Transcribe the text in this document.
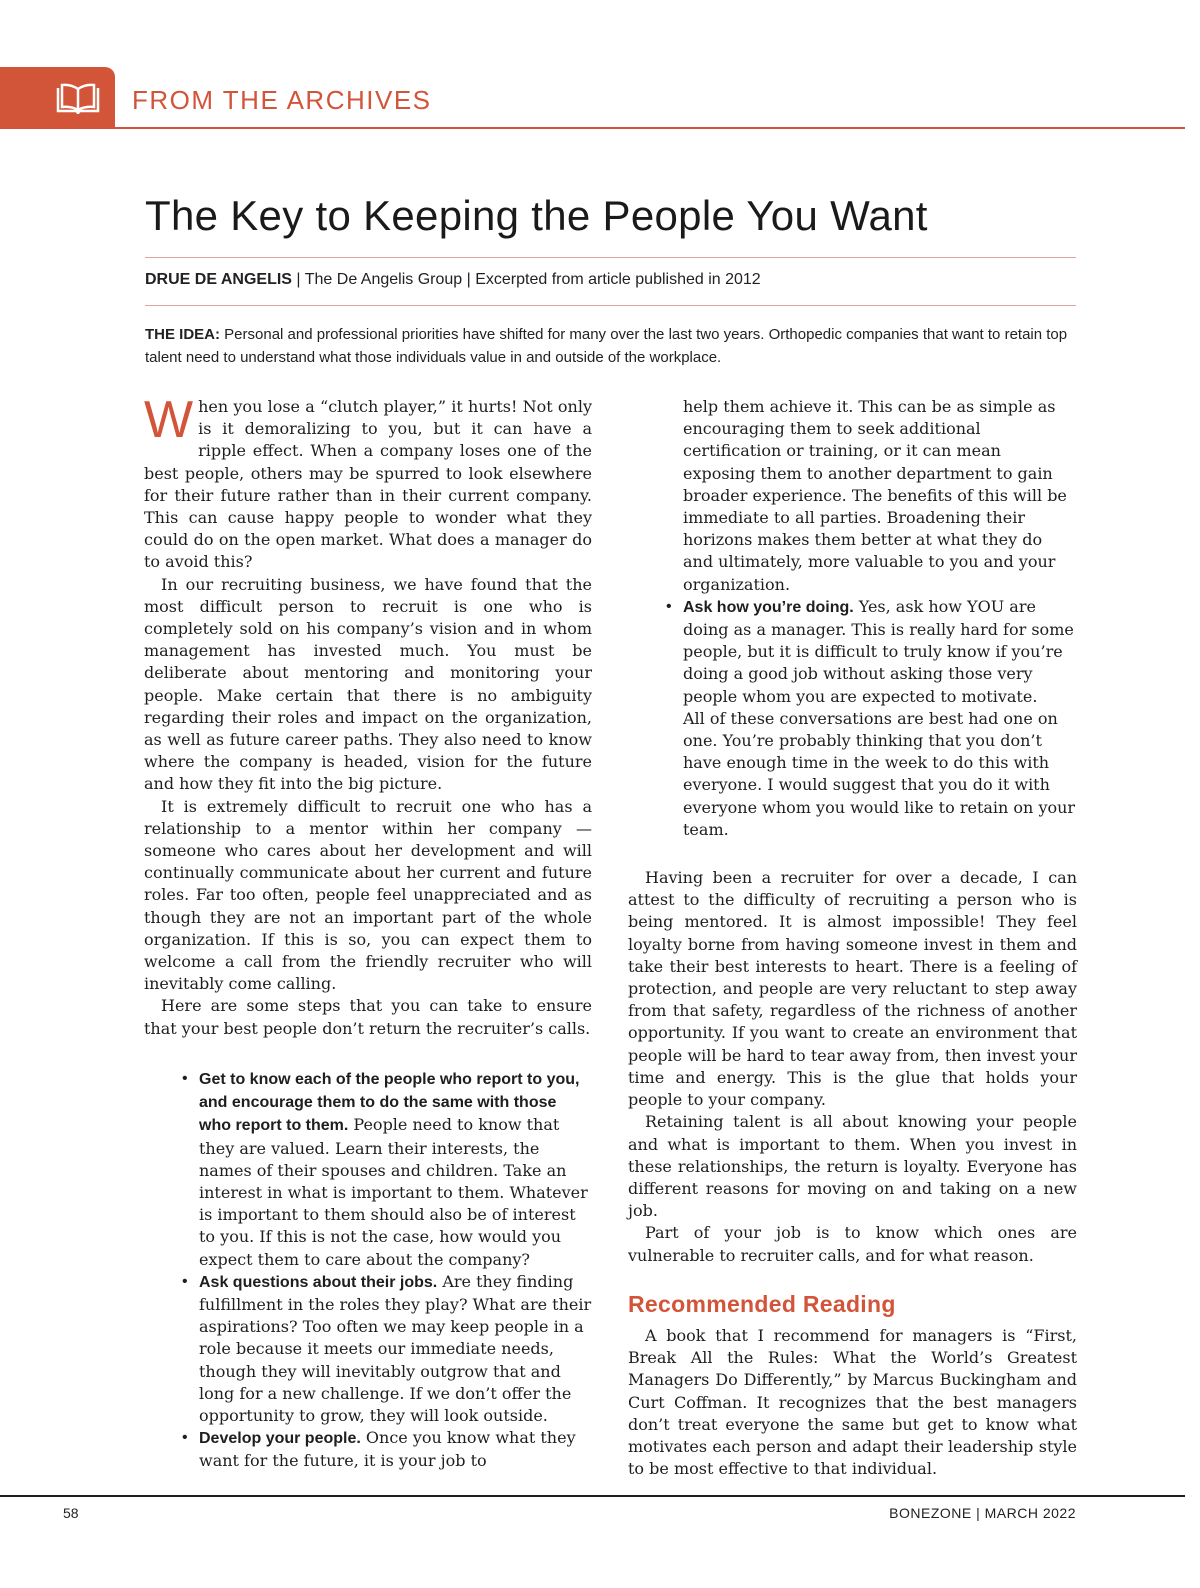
FROM THE ARCHIVES
The Key to Keeping the People You Want
DRUE DE ANGELIS | The De Angelis Group | Excerpted from article published in 2012
THE IDEA: Personal and professional priorities have shifted for many over the last two years. Orthopedic companies that want to retain top talent need to understand what those individuals value in and outside of the workplace.

When you lose a “clutch player,” it hurts! Not only is it demoralizing to you, but it can have a ripple effect. When a company loses one of the best people, others may be spurred to look elsewhere for their future rather than in their current company. This can cause happy people to wonder what they could do on the open market. What does a manager do to avoid this?

In our recruiting business, we have found that the most difficult person to recruit is one who is completely sold on his company’s vision and in whom management has invested much. You must be deliberate about mentoring and monitoring your people. Make certain that there is no ambiguity regarding their roles and impact on the organization, as well as future career paths. They also need to know where the company is headed, vision for the future and how they fit into the big picture.

It is extremely difficult to recruit one who has a relationship to a mentor within her company — someone who cares about her development and will continually communicate about her current and future roles. Far too often, people feel unappreciated and as though they are not an important part of the whole organization. If this is so, you can expect them to welcome a call from the friendly recruiter who will inevitably come calling.

Here are some steps that you can take to ensure that your best people don’t return the recruiter’s calls.

• Get to know each of the people who report to you, and encourage them to do the same with those who report to them. People need to know that they are valued. Learn their interests, the names of their spouses and children. Take an interest in what is important to them. Whatever is important to them should also be of interest to you. If this is not the case, how would you expect them to care about the company?
• Ask questions about their jobs. Are they finding fulfillment in the roles they play? What are their aspirations? Too often we may keep people in a role because it meets our immediate needs, though they will inevitably outgrow that and long for a new challenge. If we don’t offer the opportunity to grow, they will look outside.
• Develop your people. Once you know what they want for the future, it is your job to
help them achieve it. This can be as simple as encouraging them to seek additional certification or training, or it can mean exposing them to another department to gain broader experience. The benefits of this will be immediate to all parties. Broadening their horizons makes them better at what they do and ultimately, more valuable to you and your organization.
• Ask how you’re doing. Yes, ask how YOU are doing as a manager. This is really hard for some people, but it is difficult to truly know if you’re doing a good job without asking those very people whom you are expected to motivate.
All of these conversations are best had one on one. You’re probably thinking that you don’t have enough time in the week to do this with everyone. I would suggest that you do it with everyone whom you would like to retain on your team.

Having been a recruiter for over a decade, I can attest to the difficulty of recruiting a person who is being mentored. It is almost impossible! They feel loyalty borne from having someone invest in them and take their best interests to heart. There is a feeling of protection, and people are very reluctant to step away from that safety, regardless of the richness of another opportunity. If you want to create an environment that people will be hard to tear away from, then invest your time and energy. This is the glue that holds your people to your company.

Retaining talent is all about knowing your people and what is important to them. When you invest in these relationships, the return is loyalty. Everyone has different reasons for moving on and taking on a new job.

Part of your job is to know which ones are vulnerable to recruiter calls, and for what reason.

Recommended Reading

A book that I recommend for managers is “First, Break All the Rules: What the World’s Greatest Managers Do Differently,” by Marcus Buckingham and Curt Coffman. It recognizes that the best managers don’t treat everyone the same but get to know what motivates each person and adapt their leadership style to be most effective to that individual.

58	BONEZONE | MARCH 2022
